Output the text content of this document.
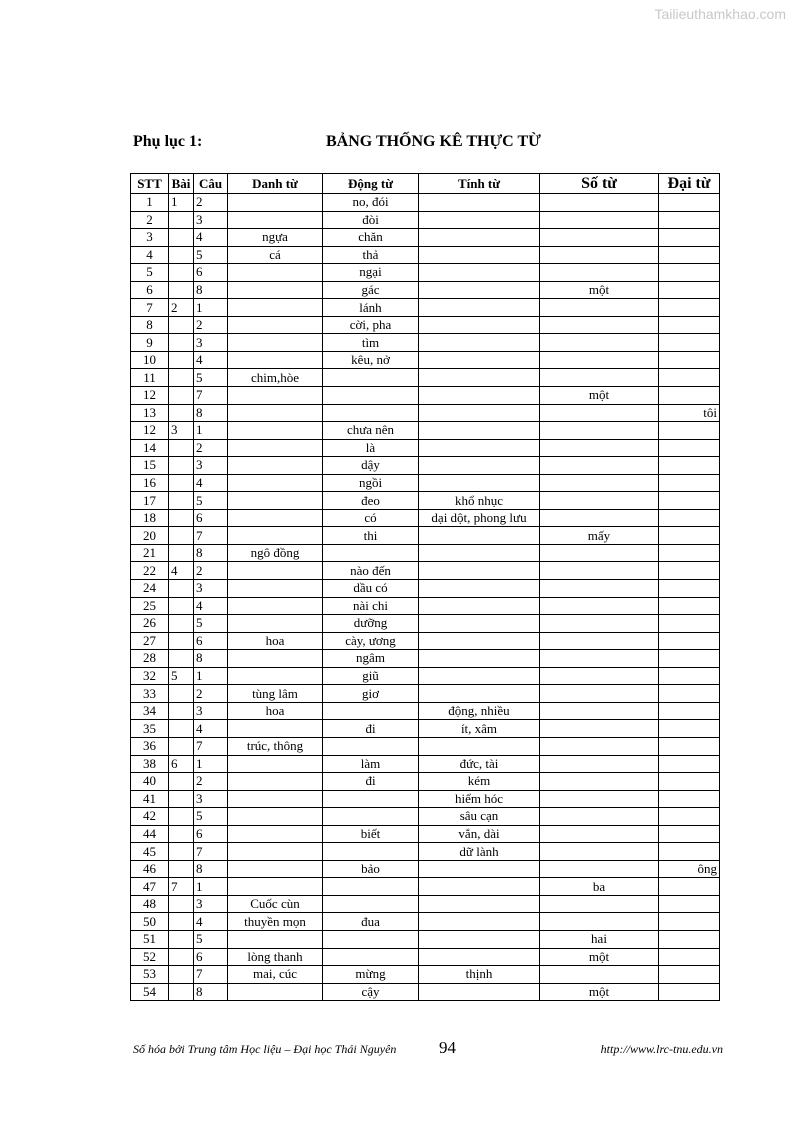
Tailieuthamkhao.com
Phụ lục 1:	BẢNG THỐNG KÊ THỰC TỪ
STT	Bài	Câu	Danh từ	Động từ	Tính từ	Số từ	Đại từ
1	1	2		no, đói			
2		3		đòi			
3		4	ngựa	chăn			
4		5	cá	thả			
5		6		ngại			
6		8		gác		một	
7	2	1		lánh			
8		2		cời, pha			
9		3		tìm			
10		4		kêu, nở			
11		5	chim,hòe				
12		7				một	
13		8					tôi
12	3	1		chưa nên			
14		2		là			
15		3		dậy			
16		4		ngồi			
17		5		đeo	khổ nhục		
18		6		có	dại dột, phong lưu		
20		7		thi		mấy	
21		8	ngô đồng				
22	4	2		nào đến			
24		3		dầu có			
25		4		nài chi			
26		5		dưỡng			
27		6	hoa	cày, ương			
28		8		ngâm			
32	5	1		giũ			
33		2	tùng lâm	giơ			
34		3	hoa		động, nhiều		
35		4		đi	ít, xâm		
36		7	trúc, thông				
38	6	1		làm	đức, tài		
40		2		đi	kém		
41		3			hiểm hóc		
42		5			sâu cạn		
44		6		biết	vắn, dài		
45		7			dữ lành		
46		8		bảo			ông
47	7	1				ba	
48		3	Cuốc cùn				
50		4	thuyền mọn	đua			
51		5				hai	
52		6	lòng thanh			một	
53		7	mai, cúc	mừng	thịnh		
54		8		cậy		một	
Số hóa bởi Trung tâm Học liệu – Đại học Thái Nguyên	94	http://www.lrc-tnu.edu.vn
